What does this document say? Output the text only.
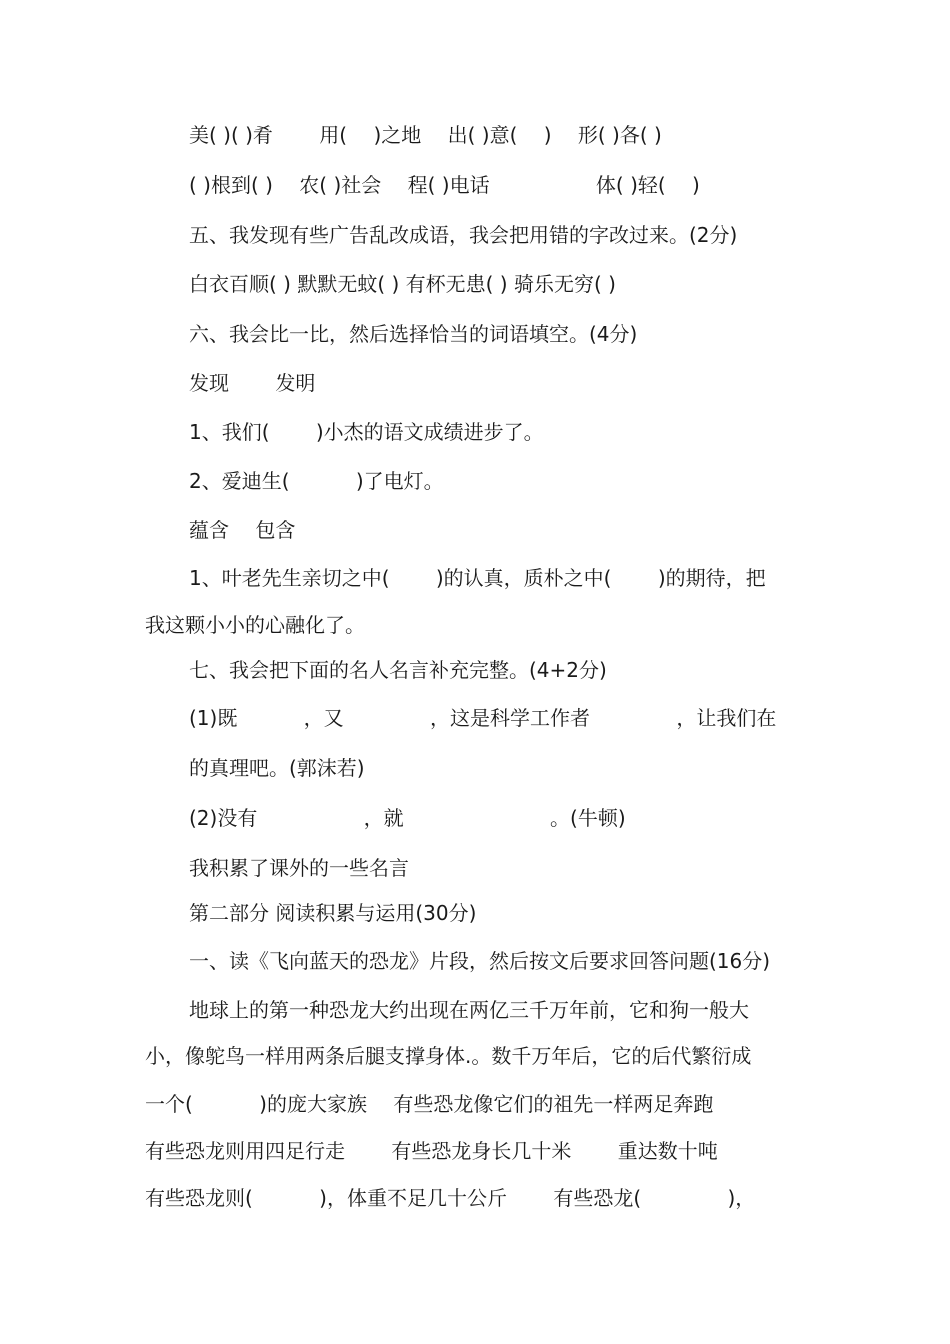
美( )( )肴　　 用(　 )之地　 出( )意(　 )　 形( )各( )

( )根到( )　 农( )社会　 程( )电话　　　　　 体( )轻(　 )

五、我发现有些广告乱改成语，我会把用错的字改过来。(2分)

白衣百顺( ) 默默无蚊( ) 有杯无患( ) 骑乐无穷( )

六、我会比一比，然后选择恰当的词语填空。(4分)

发现　　 发明

1、我们(　　 )小杰的语文成绩进步了。

2、爱迪生(　　　 )了电灯。

蕴含　 包含

1、叶老先生亲切之中(　　 )的认真，质朴之中(　　 )的期待，把

我这颗小小的心融化了。

七、我会把下面的名人名言补充完整。(4+2分)

(1)既　　　 ，又　　　　 ，这是科学工作者　　　　 ，让我们在

的真理吧。(郭沫若)

(2)没有　　　　　 ，就　　　　　　　 。(牛顿)

我积累了课外的一些名言

第二部分 阅读积累与运用(30分)

一、读《飞向蓝天的恐龙》片段，然后按文后要求回答问题(16分)

地球上的第一种恐龙大约出现在两亿三千万年前，它和狗一般大

小，像鸵鸟一样用两条后腿支撑身体.。数千万年后，它的后代繁衍成

一个(　　　 )的庞大家族　 有些恐龙像它们的祖先一样两足奔跑

有些恐龙则用四足行走　　 有些恐龙身长几十米　　 重达数十吨

有些恐龙则(　　　 )，体重不足几十公斤　　 有些恐龙(　　　　 )，
